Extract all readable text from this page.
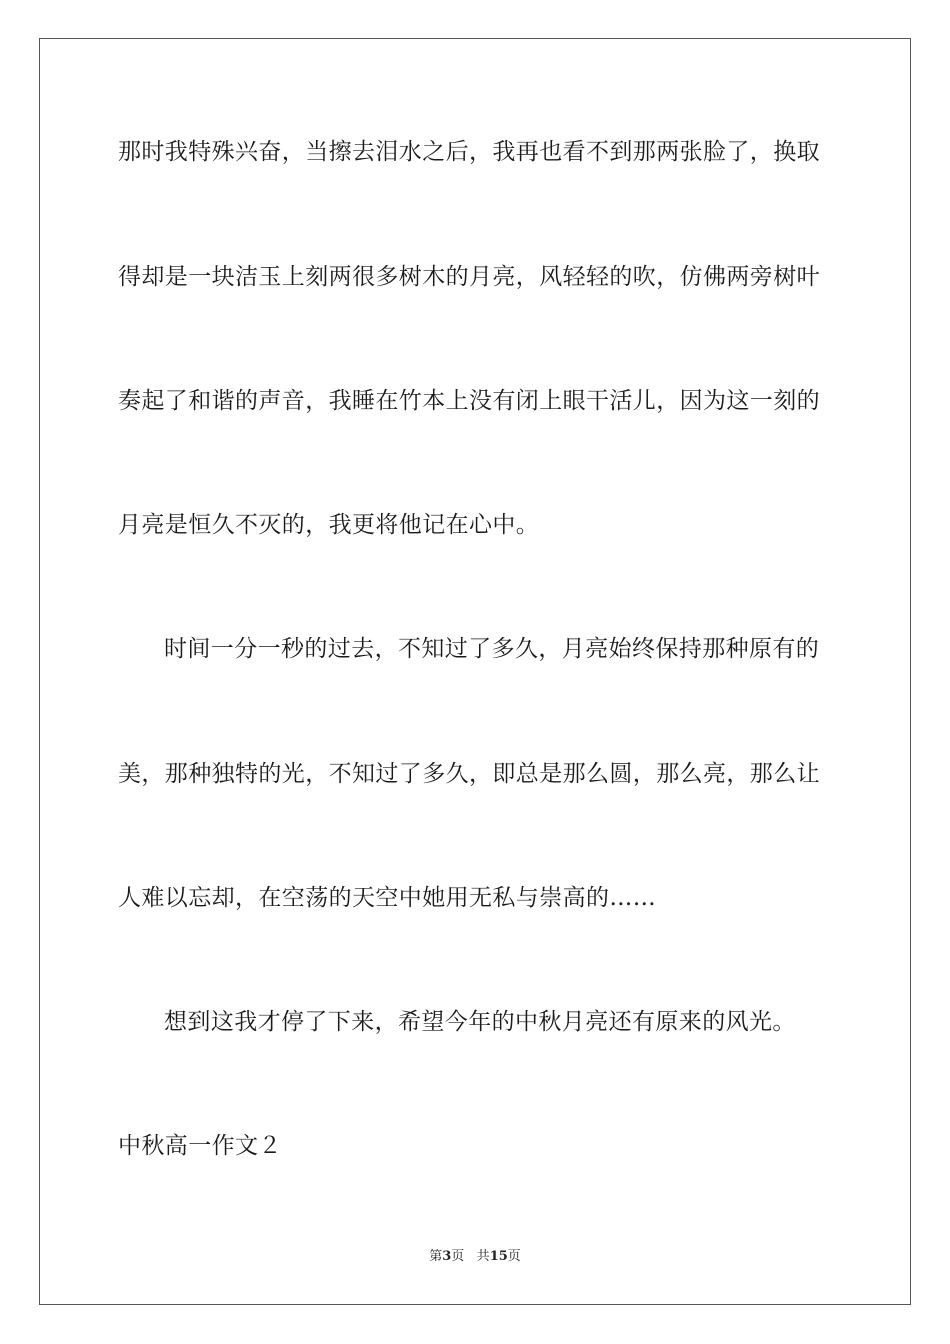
那时我特殊兴奋，当擦去泪水之后，我再也看不到那两张脸了，换取
得却是一块洁玉上刻两很多树木的月亮，风轻轻的吹，仿佛两旁树叶
奏起了和谐的声音，我睡在竹本上没有闭上眼干活儿，因为这一刻的
月亮是恒久不灭的，我更将他记在心中。
时间一分一秒的过去，不知过了多久，月亮始终保持那种原有的
美，那种独特的光，不知过了多久，即总是那么圆，那么亮，那么让
人难以忘却，在空荡的天空中她用无私与崇高的……
想到这我才停了下来，希望今年的中秋月亮还有原来的风光。
中秋高一作文２
第3页 共15页
